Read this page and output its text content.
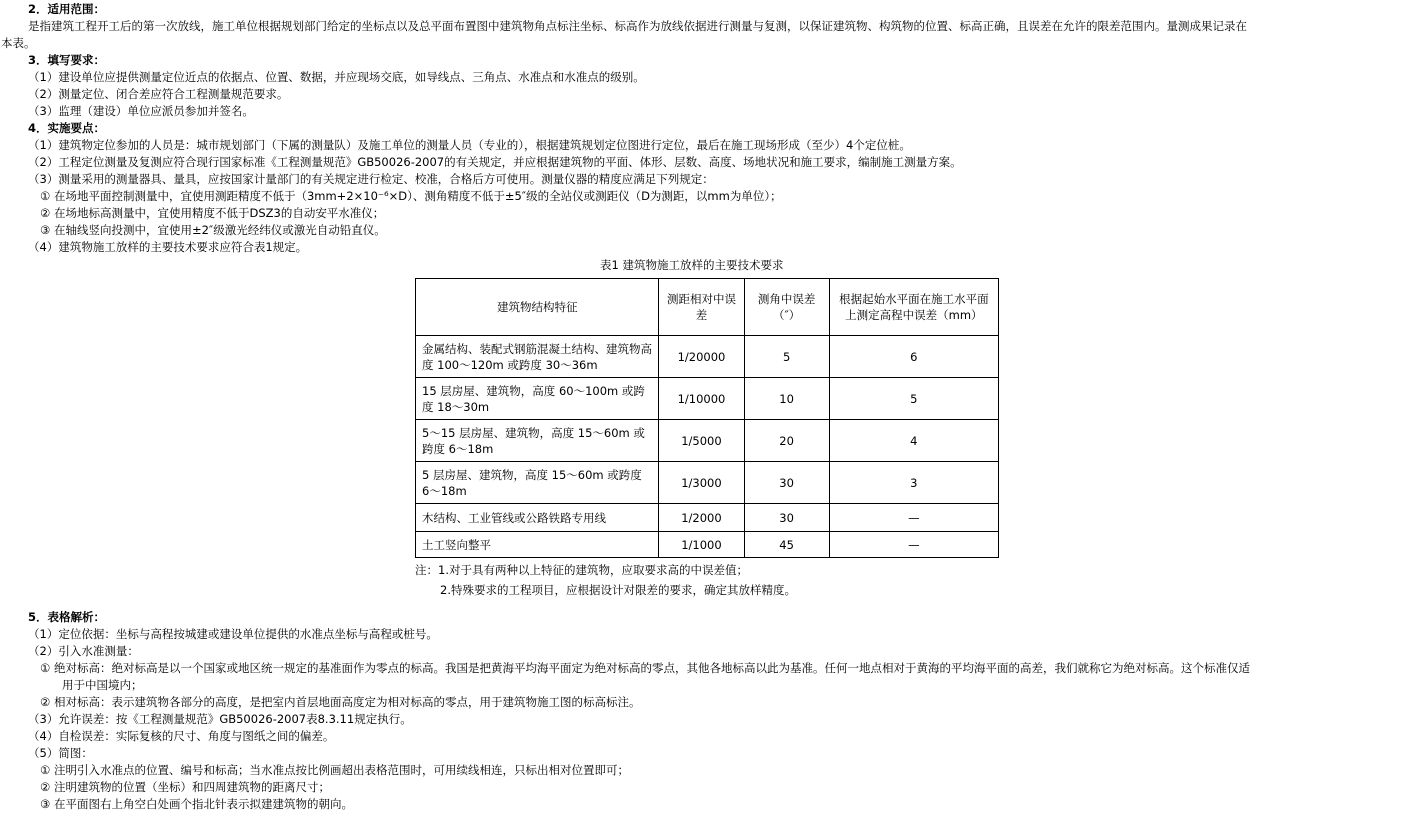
2．适用范围：
是指建筑工程开工后的第一次放线，施工单位根据规划部门给定的坐标点以及总平面布置图中建筑物角点标注坐标、标高作为放线依据进行测量与复测，以保证建筑物、构筑物的位置、标高正确，且误差在允许的限差范围内。量测成果记录在
本表。
3．填写要求：
（1）建设单位应提供测量定位近点的依据点、位置、数据，并应现场交底，如导线点、三角点、水准点和水准点的级别。
（2）测量定位、闭合差应符合工程测量规范要求。
（3）监理（建设）单位应派员参加并签名。
4．实施要点：
（1）建筑物定位参加的人员是：城市规划部门（下属的测量队）及施工单位的测量人员（专业的），根据建筑规划定位图进行定位，最后在施工现场形成（至少）4个定位桩。
（2）工程定位测量及复测应符合现行国家标准《工程测量规范》GB50026-2007的有关规定，并应根据建筑物的平面、体形、层数、高度、场地状况和施工要求，编制施工测量方案。
（3）测量采用的测量器具、量具，应按国家计量部门的有关规定进行检定、校准，合格后方可使用。测量仪器的精度应满足下列规定：
① 在场地平面控制测量中，宜使用测距精度不低于（3mm+2×10⁻⁶×D）、测角精度不低于±5″级的全站仪或测距仪（D为测距，以mm为单位）；
② 在场地标高测量中，宜使用精度不低于DSZ3的自动安平水准仪；
③ 在轴线竖向投测中，宜使用±2″级激光经纬仪或激光自动铅直仪。
（4）建筑物施工放样的主要技术要求应符合表1规定。
表1 建筑物施工放样的主要技术要求
建筑物结构特征	测距相对中误差	测角中误差（″）	根据起始水平面在施工水平面上测定高程中误差（mm）
金属结构、装配式钢筋混凝土结构、建筑物高度 100～120m 或跨度 30～36m	1/20000	5	6
15 层房屋、建筑物，高度 60～100m 或跨度 18～30m	1/10000	10	5
5～15 层房屋、建筑物，高度 15～60m 或跨度 6～18m	1/5000	20	4
5 层房屋、建筑物，高度 15～60m 或跨度 6～18m	1/3000	30	3
木结构、工业管线或公路铁路专用线	1/2000	30	—
土工竖向整平	1/1000	45	—
注：1.对于具有两种以上特征的建筑物，应取要求高的中误差值；
2.特殊要求的工程项目，应根据设计对限差的要求，确定其放样精度。
5．表格解析：
（1）定位依据：坐标与高程按城建或建设单位提供的水准点坐标与高程或桩号。
（2）引入水准测量：
① 绝对标高：绝对标高是以一个国家或地区统一规定的基准面作为零点的标高。我国是把黄海平均海平面定为绝对标高的零点，其他各地标高以此为基准。任何一地点相对于黄海的平均海平面的高差，我们就称它为绝对标高。这个标准仅适
用于中国境内；
② 相对标高：表示建筑物各部分的高度，是把室内首层地面高度定为相对标高的零点，用于建筑物施工图的标高标注。
（3）允许误差：按《工程测量规范》GB50026-2007表8.3.11规定执行。
（4）自检误差：实际复核的尺寸、角度与图纸之间的偏差。
（5）简图：
① 注明引入水准点的位置、编号和标高；当水准点按比例画超出表格范围时，可用续线相连，只标出相对位置即可；
② 注明建筑物的位置（坐标）和四周建筑物的距离尺寸；
③ 在平面图右上角空白处画个指北针表示拟建建筑物的朝向。
